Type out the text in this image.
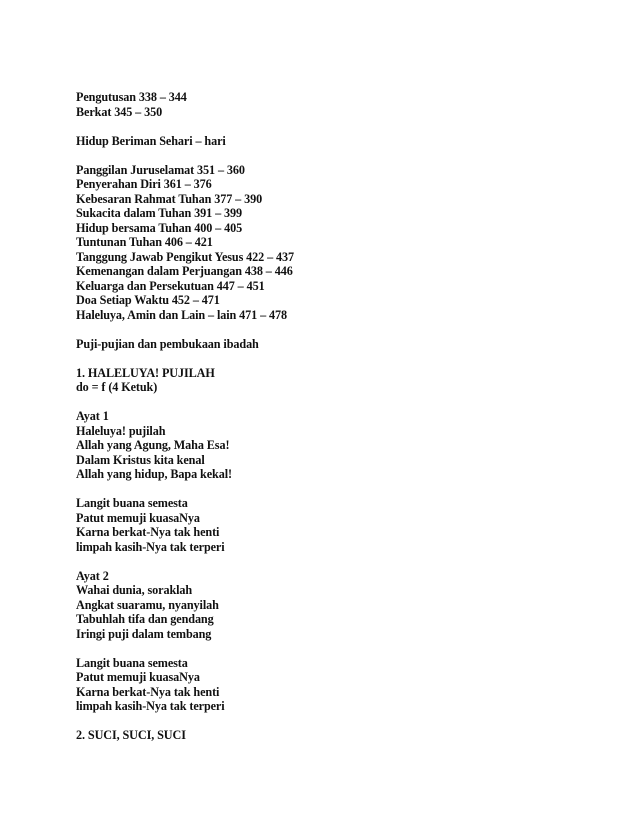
Pengutusan 338 – 344
Berkat 345 – 350
Hidup Beriman Sehari – hari
Panggilan Juruselamat 351 – 360
Penyerahan Diri 361 – 376
Kebesaran Rahmat Tuhan 377 – 390
Sukacita dalam Tuhan 391 – 399
Hidup bersama Tuhan 400 – 405
Tuntunan Tuhan 406 – 421
Tanggung Jawab Pengikut Yesus 422 – 437
Kemenangan dalam Perjuangan 438 – 446
Keluarga dan Persekutuan 447 – 451
Doa Setiap Waktu 452 – 471
Haleluya, Amin dan Lain – lain 471 – 478
Puji-pujian dan pembukaan ibadah
1. HALELUYA! PUJILAH
do = f (4 Ketuk)
Ayat 1
Haleluya! pujilah
Allah yang Agung, Maha Esa!
Dalam Kristus kita kenal
Allah yang hidup, Bapa kekal!
Langit buana semesta
Patut memuji kuasaNya
Karna berkat-Nya tak henti
limpah kasih-Nya tak terperi
Ayat 2
Wahai dunia, soraklah
Angkat suaramu, nyanyilah
Tabuhlah tifa dan gendang
Iringi puji dalam tembang
Langit buana semesta
Patut memuji kuasaNya
Karna berkat-Nya tak henti
limpah kasih-Nya tak terperi
2. SUCI, SUCI, SUCI
